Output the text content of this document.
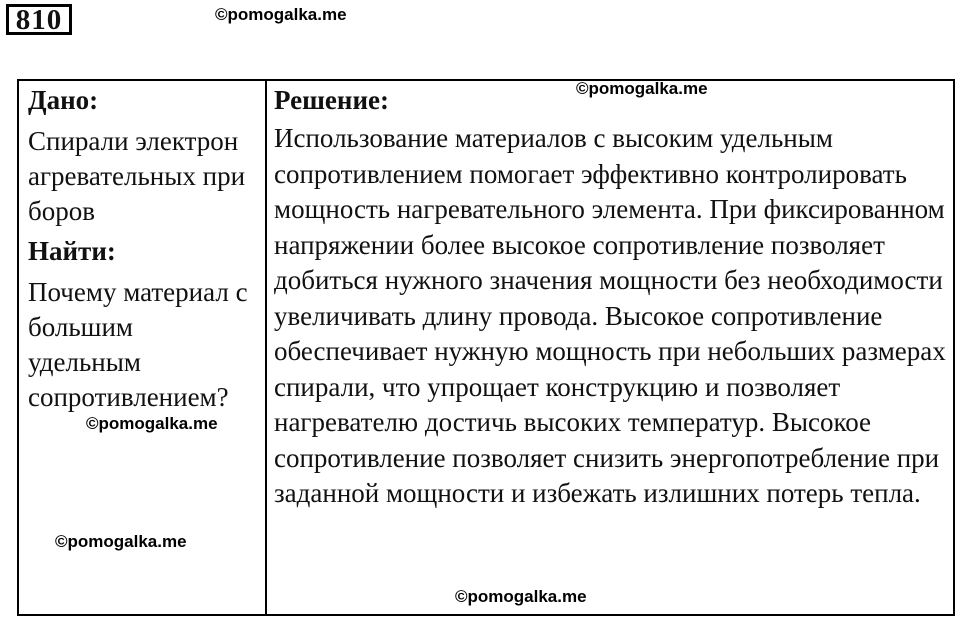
810	©pomogalka.me

Дано:

Спирали электронагревательных приборов

Найти:

Почему материал с большим удельным сопротивлением?

Решение:

Использование материалов с высоким удельным сопротивлением помогает эффективно контролировать мощность нагревательного элемента. При фиксированном напряжении более высокое сопротивление позволяет добиться нужного значения мощности без необходимости увеличивать длину провода. Высокое сопротивление обеспечивает нужную мощность при небольших размерах спирали, что упрощает конструкцию и позволяет нагревателю достичь высоких температур. Высокое сопротивление позволяет снизить энергопотребление при заданной мощности и избежать излишних потерь тепла.

©pomogalka.me
©pomogalka.me
©pomogalka.me
©pomogalka.me
